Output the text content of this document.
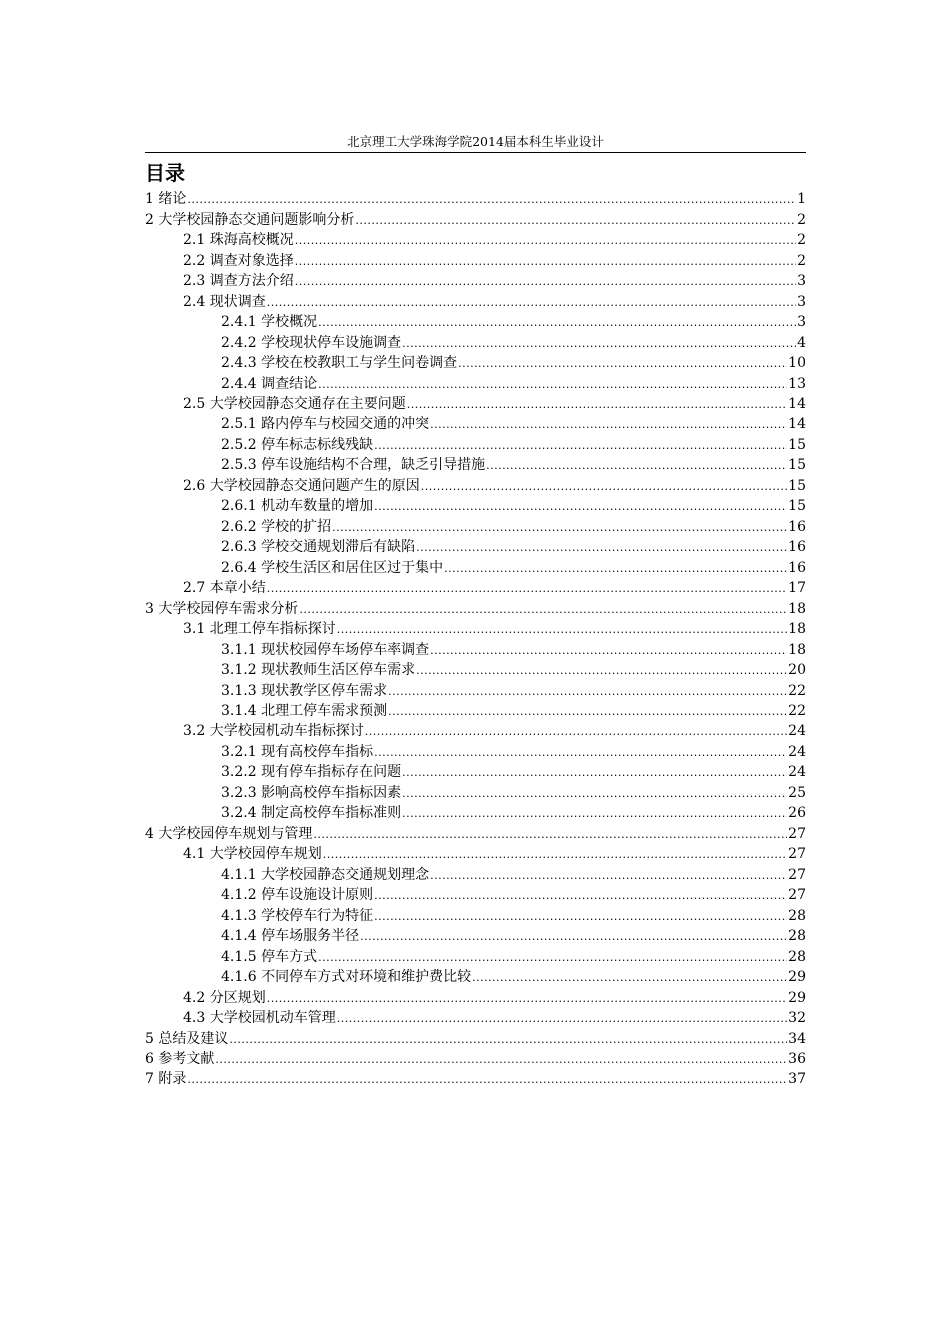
北京理工大学珠海学院2014届本科生毕业设计
目录
1 绪论 .....	1
2 大学校园静态交通问题影响分析 .....	2
2.1 珠海高校概况 .....	2
2.2 调查对象选择 .....	2
2.3 调查方法介绍 .....	3
2.4 现状调查 .....	3
2.4.1 学校概况 .....	3
2.4.2 学校现状停车设施调查 .....	4
2.4.3 学校在校教职工与学生问卷调查 .....	10
2.4.4 调查结论 .....	13
2.5 大学校园静态交通存在主要问题 .....	14
2.5.1 路内停车与校园交通的冲突 .....	14
2.5.2 停车标志标线残缺 .....	15
2.5.3 停车设施结构不合理，缺乏引导措施 .....	15
2.6 大学校园静态交通问题产生的原因 .....	15
2.6.1 机动车数量的增加 .....	15
2.6.2 学校的扩招 .....	16
2.6.3 学校交通规划滞后有缺陷 .....	16
2.6.4 学校生活区和居住区过于集中 .....	16
2.7 本章小结 .....	17
3 大学校园停车需求分析 .....	18
3.1 北理工停车指标探讨 .....	18
3.1.1 现状校园停车场停车率调查 .....	18
3.1.2 现状教师生活区停车需求 .....	20
3.1.3 现状教学区停车需求 .....	22
3.1.4 北理工停车需求预测 .....	22
3.2 大学校园机动车指标探讨 .....	24
3.2.1 现有高校停车指标 .....	24
3.2.2 现有停车指标存在问题 .....	24
3.2.3 影响高校停车指标因素 .....	25
3.2.4 制定高校停车指标准则 .....	26
4 大学校园停车规划与管理 .....	27
4.1 大学校园停车规划 .....	27
4.1.1 大学校园静态交通规划理念 .....	27
4.1.2 停车设施设计原则 .....	27
4.1.3 学校停车行为特征 .....	28
4.1.4 停车场服务半径 .....	28
4.1.5 停车方式 .....	28
4.1.6 不同停车方式对环境和维护费比较 .....	29
4.2 分区规划 .....	29
4.3 大学校园机动车管理 .....	32
5 总结及建议 .....	34
6 参考文献 .....	36
7 附录 .....	37
